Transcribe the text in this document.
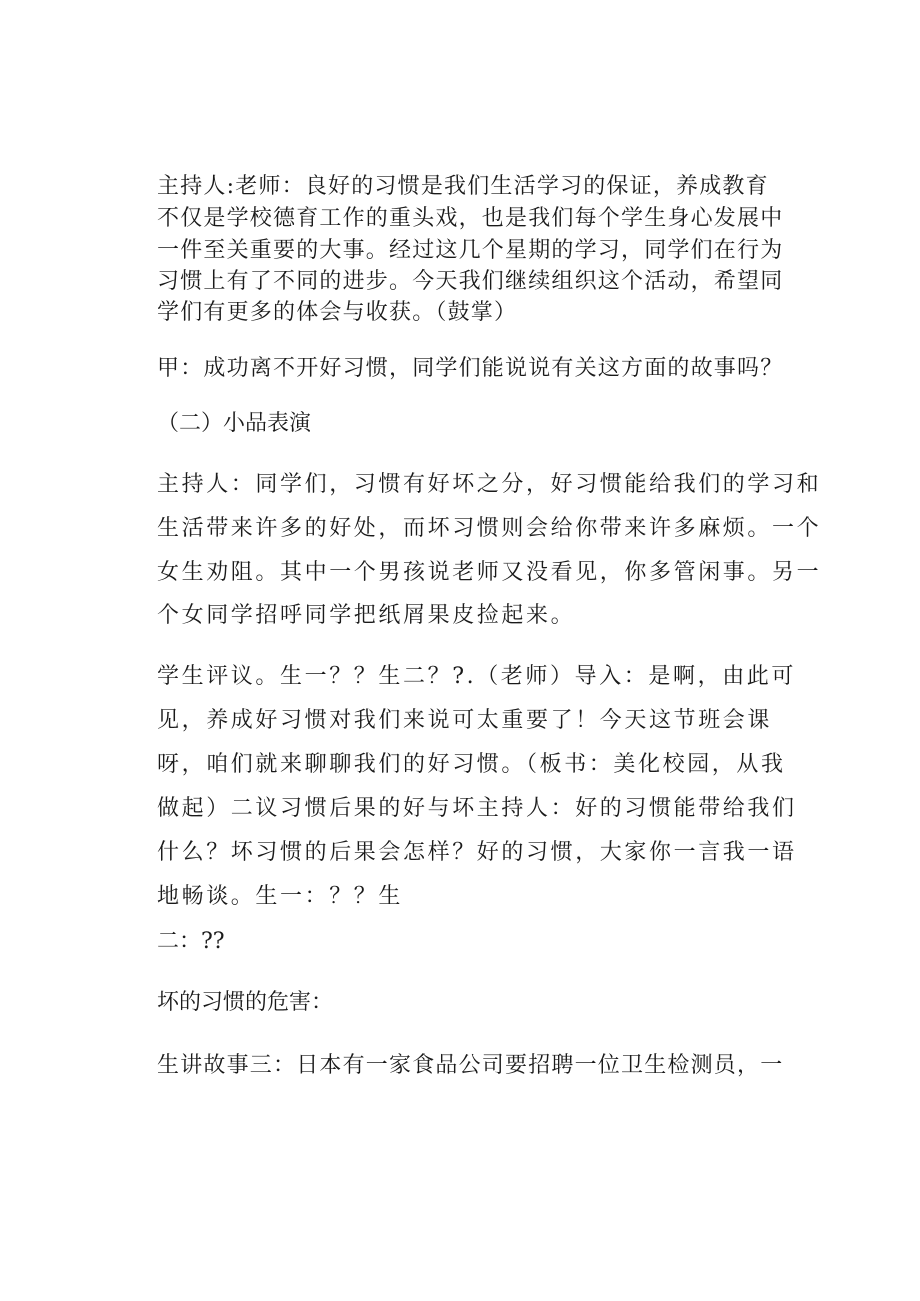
主持人:老师：良好的习惯是我们生活学习的保证，养成教育
不仅是学校德育工作的重头戏，也是我们每个学生身心发展中
一件至关重要的大事。经过这几个星期的学习，同学们在行为
习惯上有了不同的进步。今天我们继续组织这个活动，希望同
学们有更多的体会与收获。（鼓掌）
甲：成功离不开好习惯，同学们能说说有关这方面的故事吗？
（二）小品表演
主持人：同学们，习惯有好坏之分，好习惯能给我们的学习和
生活带来许多的好处，而坏习惯则会给你带来许多麻烦。一个
女生劝阻。其中一个男孩说老师又没看见，你多管闲事。另一
个女同学招呼同学把纸屑果皮捡起来。
学生评议。生一？？生二？?.（老师）导入：是啊，由此可
见，养成好习惯对我们来说可太重要了！今天这节班会课
呀，咱们就来聊聊我们的好习惯。（板书：美化校园，从我
做起）二议习惯后果的好与坏主持人：好的习惯能带给我们
什么？坏习惯的后果会怎样？好的习惯，大家你一言我一语
地畅谈。生一：？？生
二：??
坏的习惯的危害：
生讲故事三：日本有一家食品公司要招聘一位卫生检测员，一
